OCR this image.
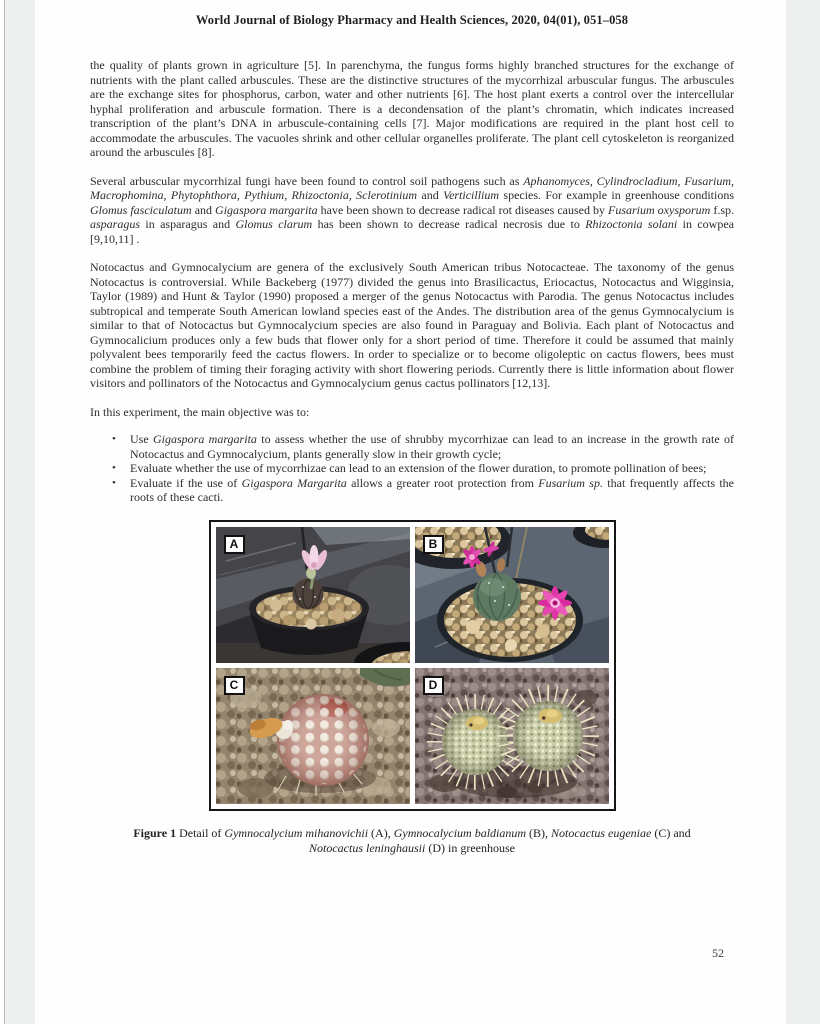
World Journal of Biology Pharmacy and Health Sciences, 2020, 04(01), 051–058

the quality of plants grown in agriculture [5]. In parenchyma, the fungus forms highly branched structures for the exchange of nutrients with the plant called arbuscules. These are the distinctive structures of the mycorrhizal arbuscular fungus. The arbuscules are the exchange sites for phosphorus, carbon, water and other nutrients [6]. The host plant exerts a control over the intercellular hyphal proliferation and arbuscule formation. There is a decondensation of the plant’s chromatin, which indicates increased transcription of the plant’s DNA in arbuscule-containing cells [7]. Major modifications are required in the plant host cell to accommodate the arbuscules. The vacuoles shrink and other cellular organelles proliferate. The plant cell cytoskeleton is reorganized around the arbuscules [8].

Several arbuscular mycorrhizal fungi have been found to control soil pathogens such as Aphanomyces, Cylindrocladium, Fusarium, Macrophomina, Phytophthora, Pythium, Rhizoctonia, Sclerotinium and Verticillium species. For example in greenhouse conditions Glomus fasciculatum and Gigaspora margarita have been shown to decrease radical rot diseases caused by Fusarium oxysporum f.sp. asparagus in asparagus and Glomus clarum has been shown to decrease radical necrosis due to Rhizoctonia solani in cowpea [9,10,11] .

Notocactus and Gymnocalycium are genera of the exclusively South American tribus Notocacteae. The taxonomy of the genus Notocactus is controversial. While Backeberg (1977) divided the genus into Brasilicactus, Eriocactus, Notocactus and Wigginsia, Taylor (1989) and Hunt & Taylor (1990) proposed a merger of the genus Notocactus with Parodia. The genus Notocactus includes subtropical and temperate South American lowland species east of the Andes. The distribution area of the genus Gymnocalycium is similar to that of Notocactus but Gymnocalycium species are also found in Paraguay and Bolivia. Each plant of Notocactus and Gymnocalicium produces only a few buds that flower only for a short period of time. Therefore it could be assumed that mainly polyvalent bees temporarily feed the cactus flowers. In order to specialize or to become oligoleptic on cactus flowers, bees must combine the problem of timing their foraging activity with short flowering periods. Currently there is little information about flower visitors and pollinators of the Notocactus and Gymnocalycium genus cactus pollinators [12,13].

In this experiment, the main objective was to:

•	Use Gigaspora margarita to assess whether the use of shrubby mycorrhizae can lead to an increase in the growth rate of Notocactus and Gymnocalycium, plants generally slow in their growth cycle;
•	Evaluate whether the use of mycorrhizae can lead to an extension of the flower duration, to promote pollination of bees;
•	Evaluate if the use of Gigaspora Margarita allows a greater root protection from Fusarium sp. that frequently affects the roots of these cacti.
A	B
C	D

Figure 1 Detail of Gymnocalycium mihanovichii (A), Gymnocalycium baldianum (B), Notocactus eugeniae (C) and Notocactus leninghausii (D) in greenhouse

52
